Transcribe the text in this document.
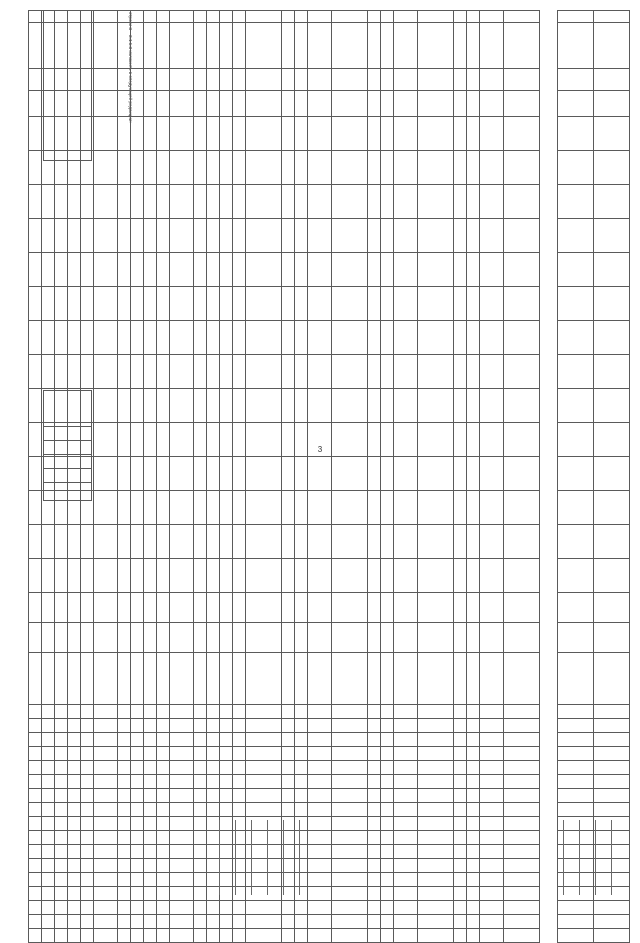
3

строки 3 – 3.1.1.3 изложить в следующей редакции:
